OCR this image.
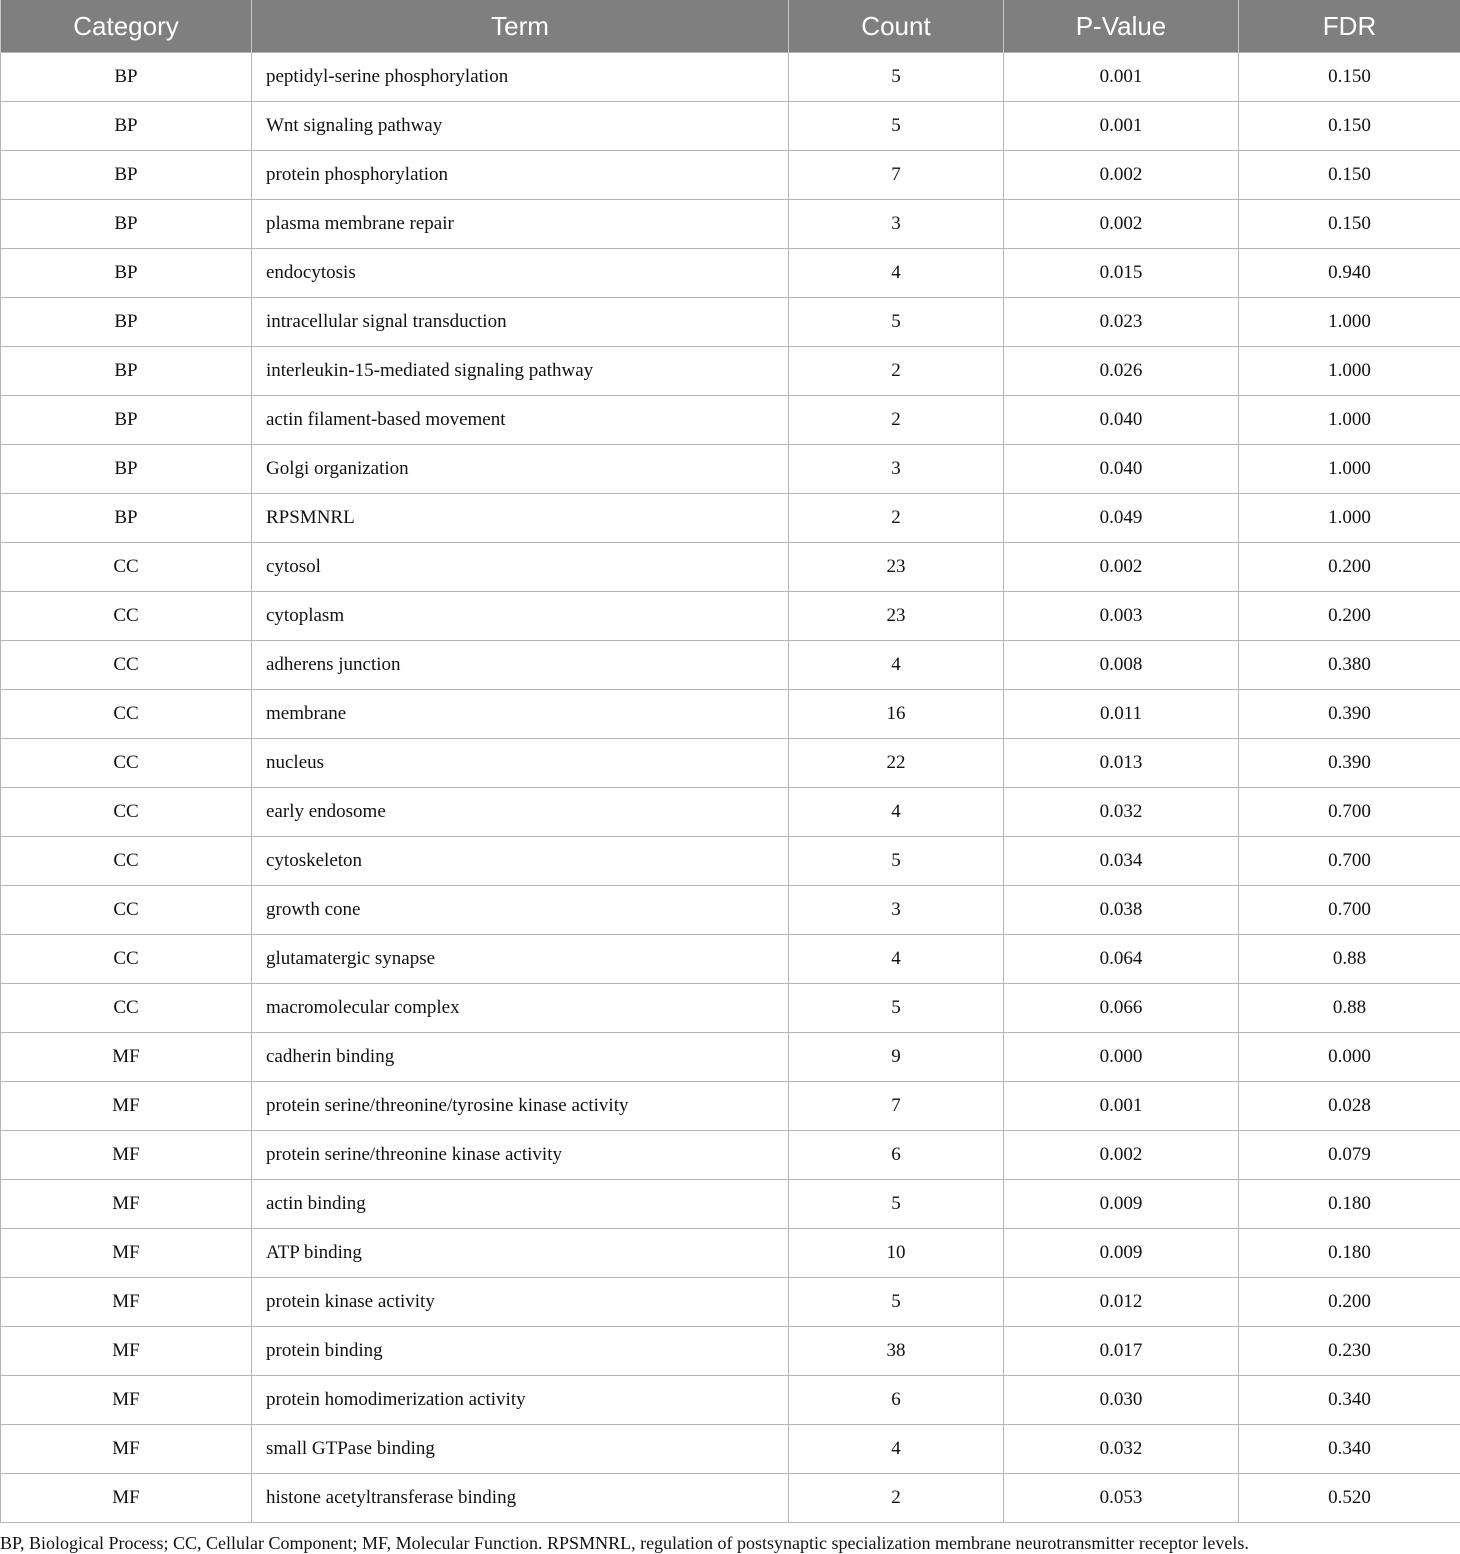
Category	Term	Count	P-Value	FDR
BP	peptidyl-serine phosphorylation	5	0.001	0.150
BP	Wnt signaling pathway	5	0.001	0.150
BP	protein phosphorylation	7	0.002	0.150
BP	plasma membrane repair	3	0.002	0.150
BP	endocytosis	4	0.015	0.940
BP	intracellular signal transduction	5	0.023	1.000
BP	interleukin-15-mediated signaling pathway	2	0.026	1.000
BP	actin filament-based movement	2	0.040	1.000
BP	Golgi organization	3	0.040	1.000
BP	RPSMNRL	2	0.049	1.000
CC	cytosol	23	0.002	0.200
CC	cytoplasm	23	0.003	0.200
CC	adherens junction	4	0.008	0.380
CC	membrane	16	0.011	0.390
CC	nucleus	22	0.013	0.390
CC	early endosome	4	0.032	0.700
CC	cytoskeleton	5	0.034	0.700
CC	growth cone	3	0.038	0.700
CC	glutamatergic synapse	4	0.064	0.88
CC	macromolecular complex	5	0.066	0.88
MF	cadherin binding	9	0.000	0.000
MF	protein serine/threonine/tyrosine kinase activity	7	0.001	0.028
MF	protein serine/threonine kinase activity	6	0.002	0.079
MF	actin binding	5	0.009	0.180
MF	ATP binding	10	0.009	0.180
MF	protein kinase activity	5	0.012	0.200
MF	protein binding	38	0.017	0.230
MF	protein homodimerization activity	6	0.030	0.340
MF	small GTPase binding	4	0.032	0.340
MF	histone acetyltransferase binding	2	0.053	0.520

BP, Biological Process; CC, Cellular Component; MF, Molecular Function. RPSMNRL, regulation of postsynaptic specialization membrane neurotransmitter receptor levels.
